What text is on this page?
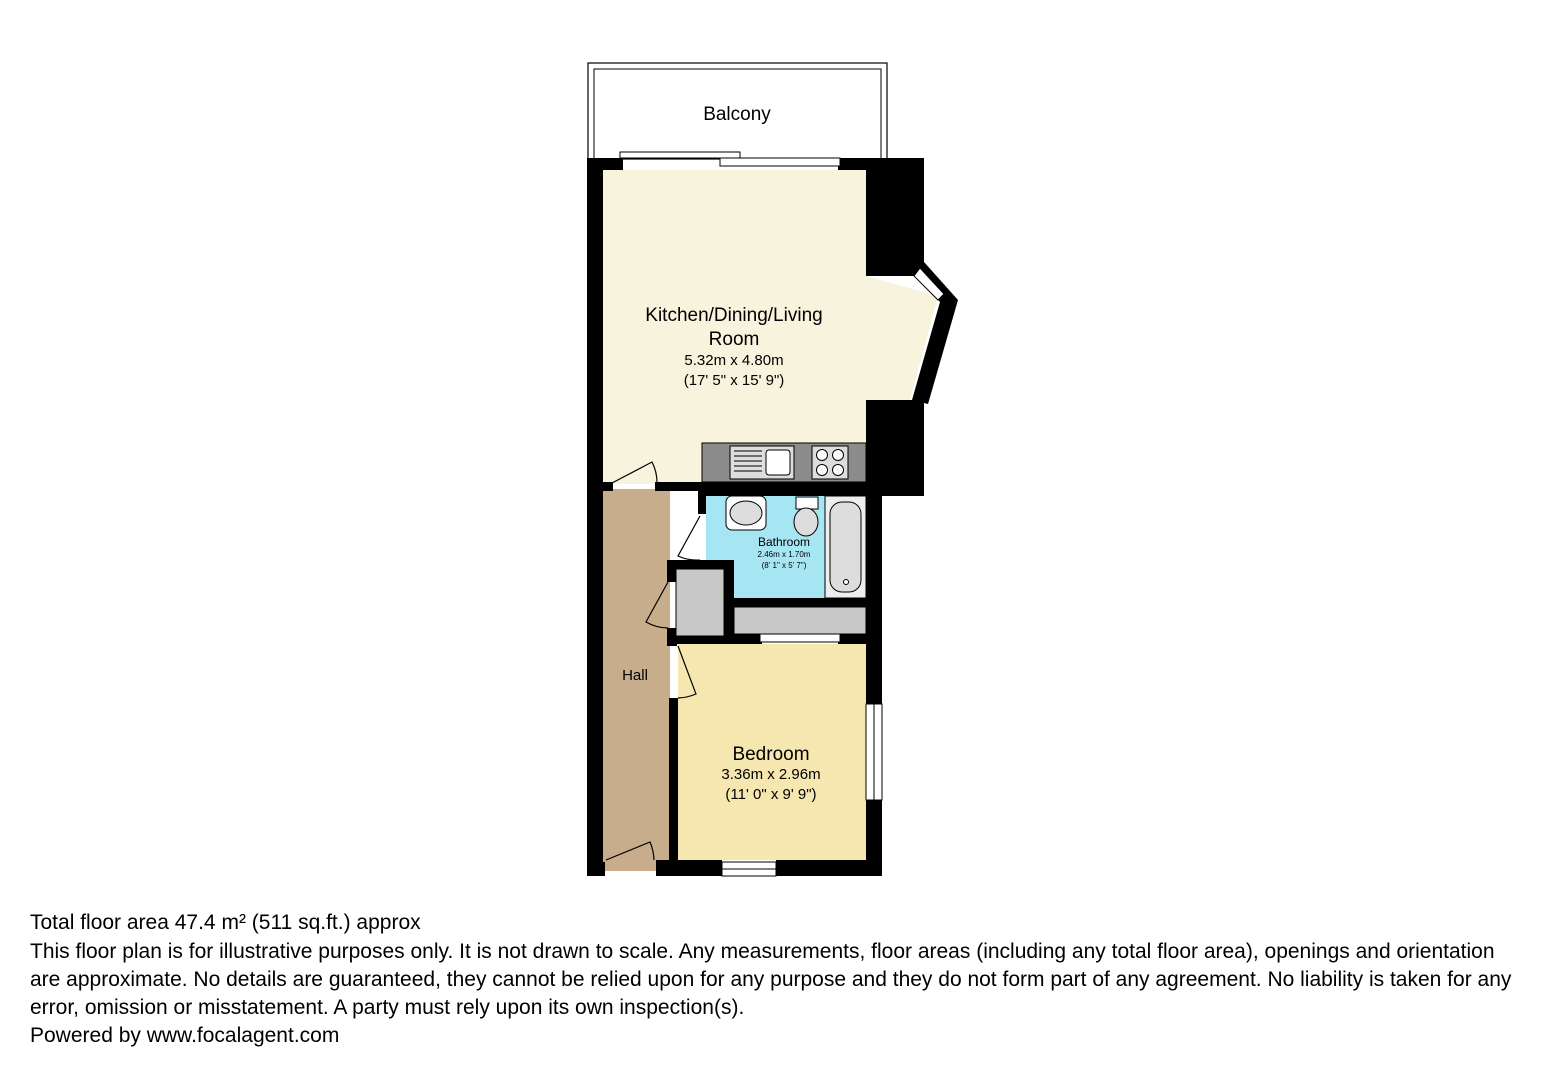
Balcony
Kitchen/Dining/Living
Room
5.32m x 4.80m
(17' 5" x 15' 9")
Bathroom
2.46m x 1.70m
(8' 1" x 5' 7")
Hall
Bedroom
3.36m x 2.96m
(11' 0" x 9' 9")
Total floor area 47.4 m² (511 sq.ft.) approx

This floor plan is for illustrative purposes only. It is not drawn to scale. Any measurements, floor areas (including any total floor area), openings and orientation are approximate. No details are guaranteed, they cannot be relied upon for any purpose and they do not form part of any agreement. No liability is taken for any error, omission or misstatement. A party must rely upon its own inspection(s).

Powered by www.focalagent.com
